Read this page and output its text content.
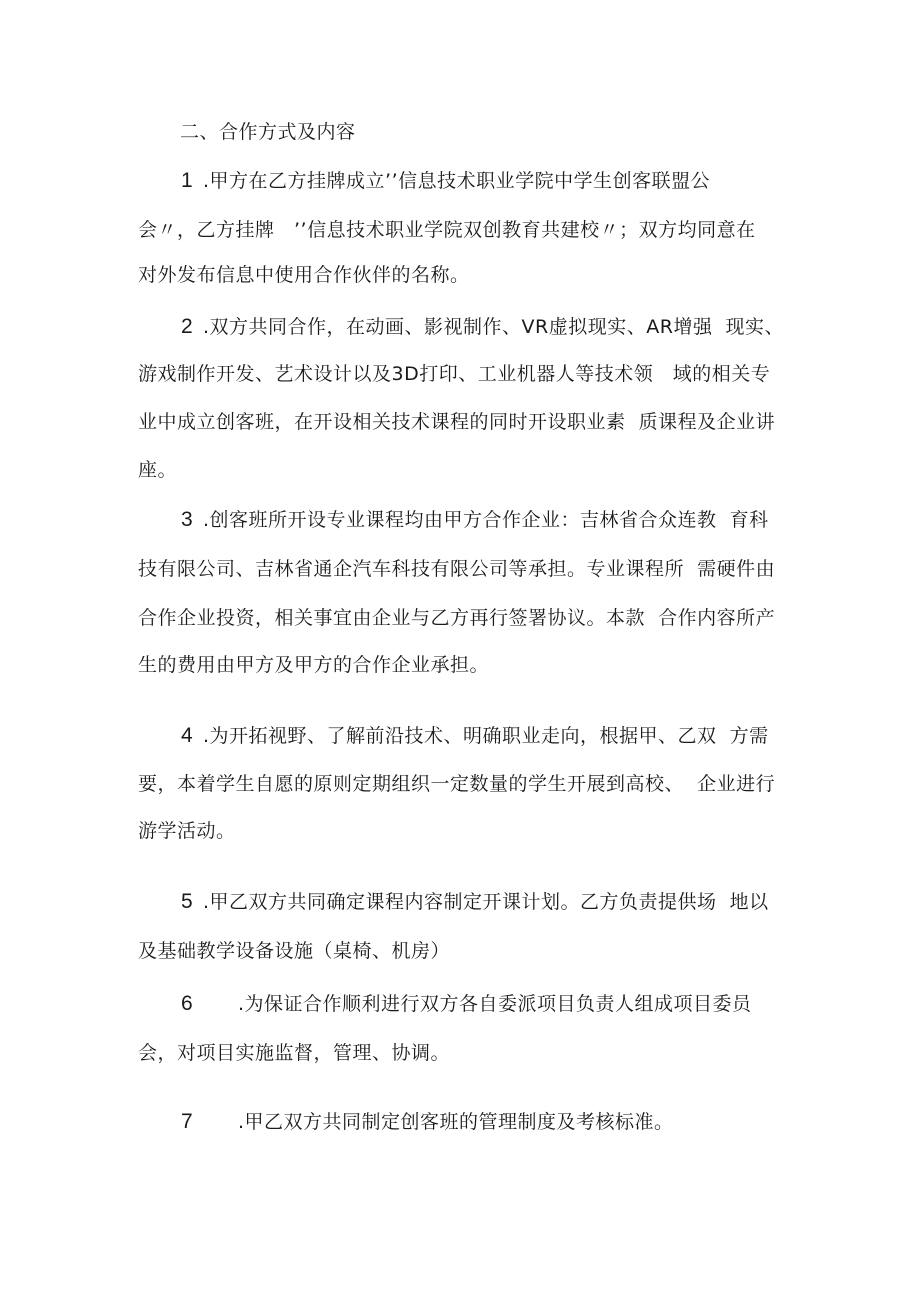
二、合作方式及内容
1 .甲方在乙方挂牌成立’’信息技术职业学院中学生创客联盟公
会〃，乙方挂牌　’’信息技术职业学院双创教育共建校〃；双方均同意在
对外发布信息中使用合作伙伴的名称。
2 .双方共同合作，在动画、影视制作、VR虚拟现实、AR增强  现实、
游戏制作开发、艺术设计以及3D打印、工业机器人等技术领　域的相关专
业中成立创客班，在开设相关技术课程的同时开设职业素  质课程及企业讲
座。
3 .创客班所开设专业课程均由甲方合作企业：吉林省合众连教  育科
技有限公司、吉林省通企汽车科技有限公司等承担。专业课程所  需硬件由
合作企业投资，相关事宜由企业与乙方再行签署协议。本款  合作内容所产
生的费用由甲方及甲方的合作企业承担。
4 .为开拓视野、了解前沿技术、明确职业走向，根据甲、乙双  方需
要，本着学生自愿的原则定期组织一定数量的学生开展到高校、  企业进行
游学活动。
5 .甲乙双方共同确定课程内容制定开课计划。乙方负责提供场  地以
及基础教学设备设施（桌椅、机房）
6 .为保证合作顺利进行双方各自委派项目负责人组成项目委员
会，对项目实施监督，管理、协调。
7 .甲乙双方共同制定创客班的管理制度及考核标准。
